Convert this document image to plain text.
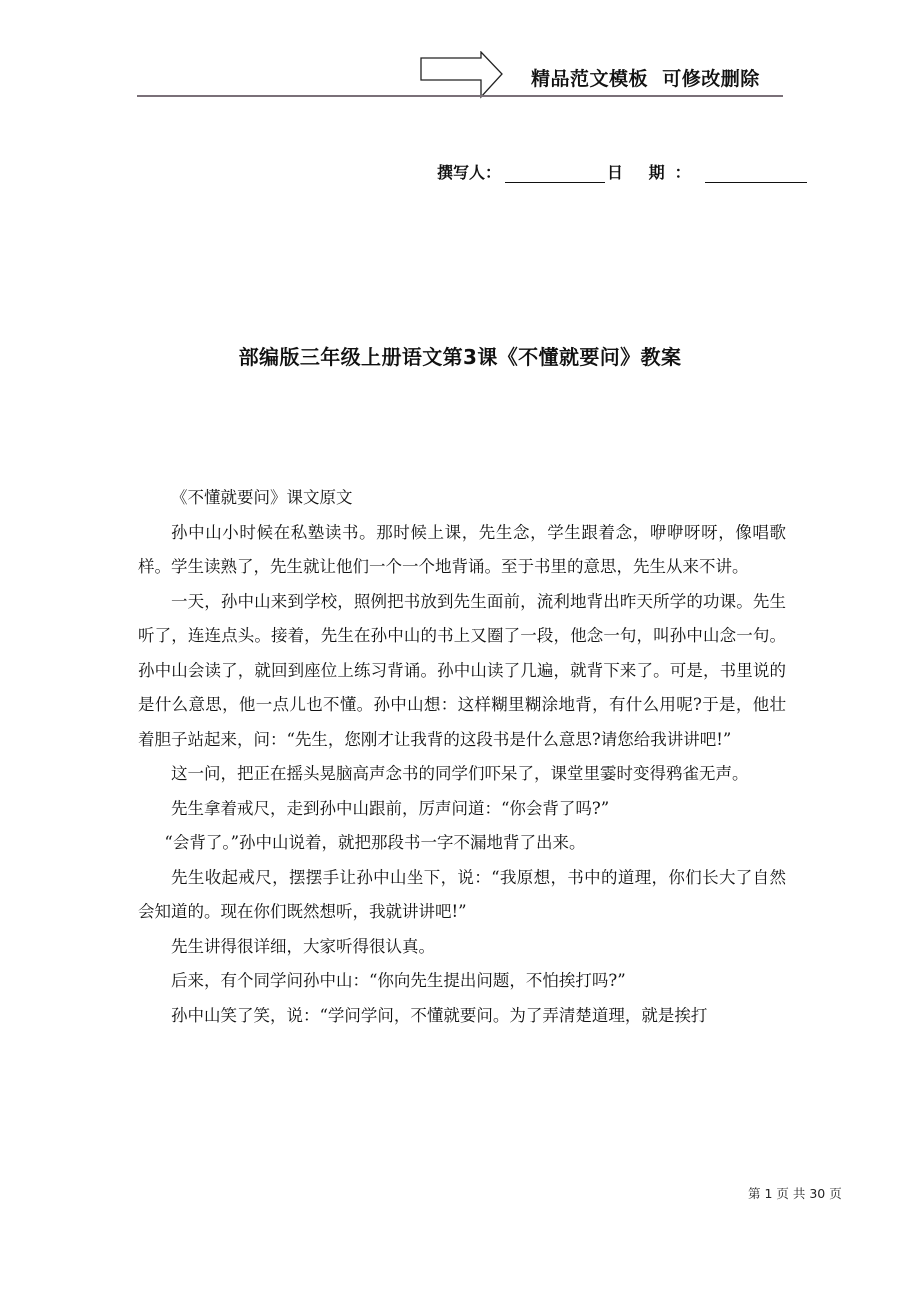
精品范文模板  可修改删除
撰写人：	日 期：
部编版三年级上册语文第3课《不懂就要问》教案

《不懂就要问》课文原文

孙中山小时候在私塾读书。那时候上课，先生念，学生跟着念，咿咿呀呀，像唱歌样。学生读熟了，先生就让他们一个一个地背诵。至于书里的意思，先生从来不讲。

一天，孙中山来到学校，照例把书放到先生面前，流利地背出昨天所学的功课。先生听了，连连点头。接着，先生在孙中山的书上又圈了一段，他念一句，叫孙中山念一句。孙中山会读了，就回到座位上练习背诵。孙中山读了几遍，就背下来了。可是，书里说的是什么意思，他一点儿也不懂。孙中山想：这样糊里糊涂地背，有什么用呢?于是，他壮着胆子站起来，问：“先生，您刚才让我背的这段书是什么意思?请您给我讲讲吧!”

这一问，把正在摇头晃脑高声念书的同学们吓呆了，课堂里霎时变得鸦雀无声。

先生拿着戒尺，走到孙中山跟前，厉声问道：“你会背了吗?”

“会背了。”孙中山说着，就把那段书一字不漏地背了出来。

先生收起戒尺，摆摆手让孙中山坐下，说：“我原想，书中的道理，你们长大了自然会知道的。现在你们既然想听，我就讲讲吧!”

先生讲得很详细，大家听得很认真。

后来，有个同学问孙中山：“你向先生提出问题，不怕挨打吗?”

孙中山笑了笑，说：“学问学问，不懂就要问。为了弄清楚道理，就是挨打

第 1 页 共 30 页
